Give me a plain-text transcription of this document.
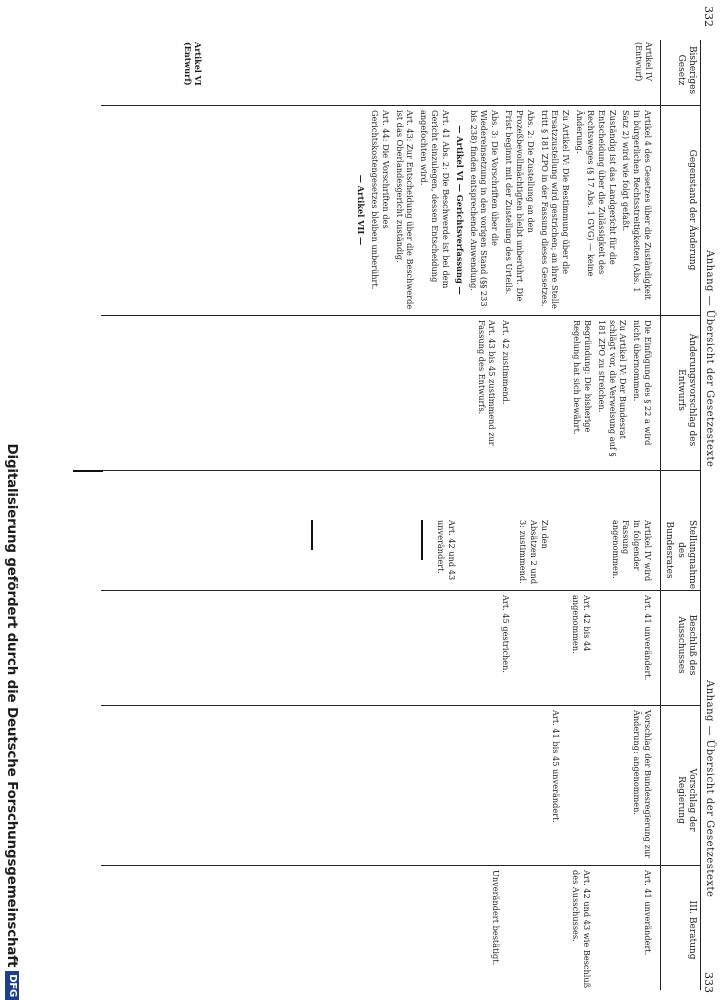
332
Anhang — Übersicht der Gesetzestexte
333
Anhang — Übersicht der Gesetzestexte
Bisheriges Gesetz
Gegenstand der Änderung
Änderungsvorschlag des Entwurfs
Stellungnahme des Bundesrates
Beschluß des Ausschusses
Vorschlag der Regierung
III. Beratung
Artikel IV (Entwurf)
Artikel VI (Entwurf)

Artikel 4 des Gesetzes über die Zuständigkeit in bürgerlichen Rechtsstreitigkeiten (Abs. 1 Satz 2) wird wie folgt gefaßt.

Zuständig ist das Landgericht für die Entscheidung über die Zulässigkeit des Rechtsweges (§ 17 Abs. 1 GVG) — keine Änderung.

Zu Artikel IV: Die Bestimmung über die Ersatzzustellung wird gestrichen; an ihre Stelle tritt § 181 ZPO in der Fassung dieses Gesetzes.

Abs. 2: Die Zustellung an den Prozeßbevollmächtigten bleibt unberührt. Die Frist beginnt mit der Zustellung des Urteils.

Abs. 3: Die Vorschriften über die Wiedereinsetzung in den vorigen Stand (§§ 233 bis 238) finden entsprechende Anwendung.

— Artikel VI — Gerichtsverfassung —

Art. 41 Abs. 2: Die Beschwerde ist bei dem Gericht einzulegen, dessen Entscheidung angefochten wird.

Art. 43: Zur Entscheidung über die Beschwerde ist das Oberlandesgericht zuständig.

Art. 44: Die Vorschriften des Gerichtskostengesetzes bleiben unberührt.

— Artikel VII —

Die Einfügung des § 22 a wird nicht übernommen.

Zu Artikel IV: Der Bundesrat schlägt vor, die Verweisung auf § 181 ZPO zu streichen.

Begründung: Die bisherige Regelung hat sich bewährt.

Art. 42 zustimmend.

Art. 43 bis 45 zustimmend zur Fassung des Entwurfs.

Artikel IV wird in folgender Fassung angenommen.

Zu den Absätzen 2 und 3: zustimmend.

Art. 42 und 43 unverändert.

Art. 41 unverändert.

Art. 42 bis 44 angenommen.

Art. 45 gestrichen.

Vorschlag der Bundesregierung zur Änderung: angenommen.

Art. 41 bis 45 unverändert.

Art. 41 unverändert.

Art. 42 und 43 wie Beschluß des Ausschusses.

Unverändert bestätigt.

Digitalisierung gefördert durch die Deutsche ForschungsgemeinschaftDFG
